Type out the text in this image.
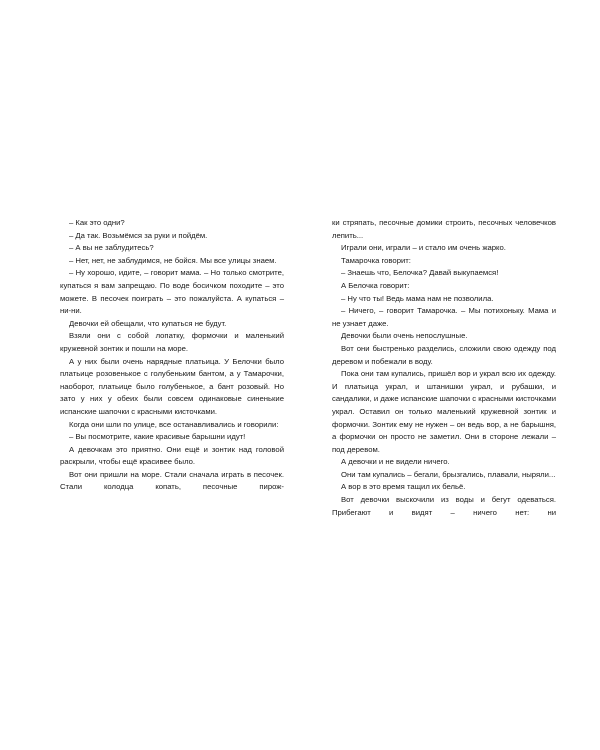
– Как это одни?

– Да так. Возьмёмся за руки и пойдём.

– А вы не заблудитесь?

– Нет, нет, не заблудимся, не бойся. Мы все улицы знаем.

– Ну хорошо, идите, – говорит мама. – Но только смотрите, купаться я вам запрещаю. По воде босичком походите – это можете. В песочек поиграть – это пожалуйста. А купаться – ни-ни.

Девочки ей обещали, что купаться не будут.

Взяли они с собой лопатку, формочки и маленький кружевной зонтик и пошли на море.

А у них были очень нарядные платьица. У Белочки было платьице розовенькое с голубеньким бантом, а у Тамарочки, наоборот, платьице было голубенькое, а бант розовый. Но зато у них у обеих были совсем одинаковые синенькие испанские шапочки с красными кисточками.

Когда они шли по улице, все останавливались и говорили:

– Вы посмотрите, какие красивые барышни идут!

А девочкам это приятно. Они ещё и зонтик над головой раскрыли, чтобы ещё красивее было.

Вот они пришли на море. Стали сначала играть в песочек. Стали колодца копать, песочные пирож-

ки стряпать, песочные домики строить, песочных человечков лепить...

Играли они, играли – и стало им очень жарко.

Тамарочка говорит:

– Знаешь что, Белочка? Давай выкупаемся!

А Белочка говорит:

– Ну что ты! Ведь мама нам не позволила.

– Ничего, – говорит Тамарочка. – Мы потихоньку. Мама и не узнает даже.

Девочки были очень непослушные.

Вот они быстренько разделись, сложили свою одежду под деревом и побежали в воду.

Пока они там купались, пришёл вор и украл всю их одежду. И платьица украл, и штанишки украл, и рубашки, и сандалики, и даже испанские шапочки с красными кисточками украл. Оставил он только маленький кружевной зонтик и формочки. Зонтик ему не нужен – он ведь вор, а не барышня, а формочки он просто не заметил. Они в стороне лежали – под деревом.

А девочки и не видели ничего.

Они там купались – бегали, брызгались, плавали, ныряли...

А вор в это время тащил их бельё.

Вот девочки выскочили из воды и бегут одеваться. Прибегают и видят – ничего нет: ни
